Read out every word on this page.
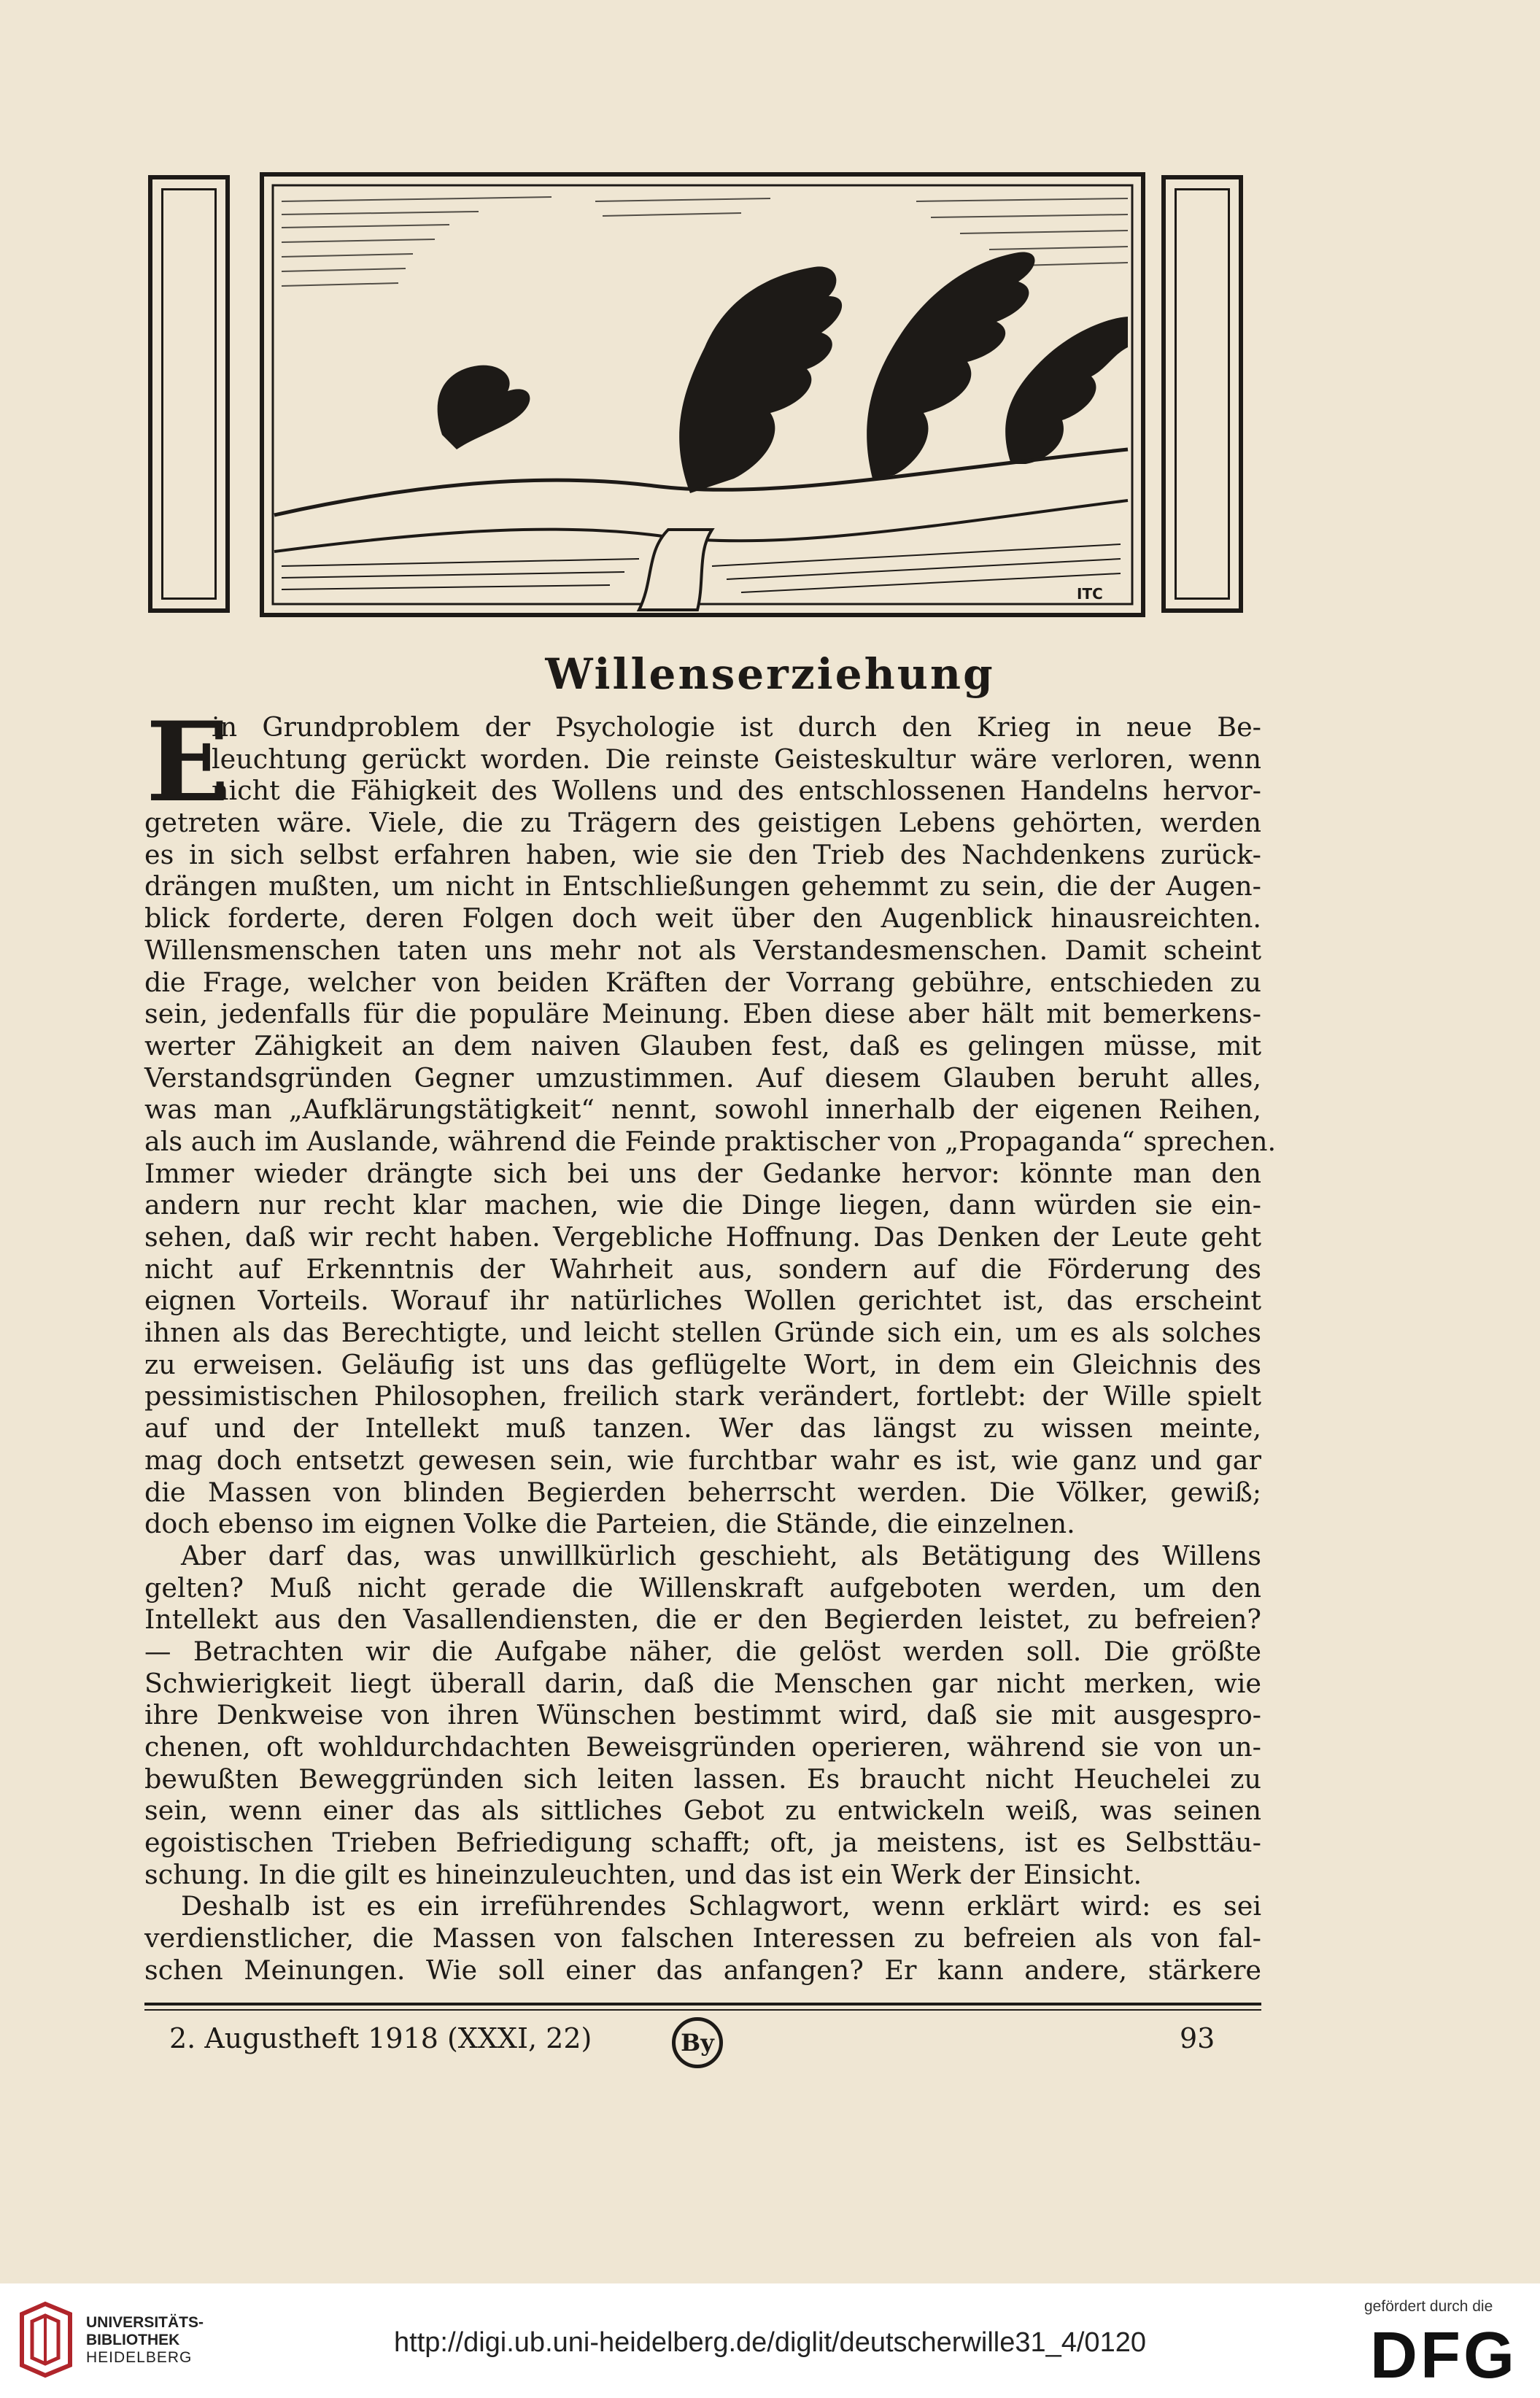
ITC
Willenserziehung
E
in Grundproblem der Psychologie ist durch den Krieg in neue Be-
leuchtung gerückt worden. Die reinste Geisteskultur wäre verloren, wenn
nicht die Fähigkeit des Wollens und des entschlossenen Handelns hervor-
getreten wäre. Viele, die zu Trägern des geistigen Lebens gehörten, werden
es in sich selbst erfahren haben, wie sie den Trieb des Nachdenkens zurück-
drängen mußten, um nicht in Entschließungen gehemmt zu sein, die der Augen-
blick forderte, deren Folgen doch weit über den Augenblick hinausreichten.
Willensmenschen taten uns mehr not als Verstandesmenschen. Damit scheint
die Frage, welcher von beiden Kräften der Vorrang gebühre, entschieden zu
sein, jedenfalls für die populäre Meinung. Eben diese aber hält mit bemerkens-
werter Zähigkeit an dem naiven Glauben fest, daß es gelingen müsse, mit
Verstandsgründen Gegner umzustimmen. Auf diesem Glauben beruht alles,
was man „Aufklärungstätigkeit“ nennt, sowohl innerhalb der eigenen Reihen,
als auch im Auslande, während die Feinde praktischer von „Propaganda“ sprechen.
Immer wieder drängte sich bei uns der Gedanke hervor: könnte man den
andern nur recht klar machen, wie die Dinge liegen, dann würden sie ein-
sehen, daß wir recht haben. Vergebliche Hoffnung. Das Denken der Leute geht
nicht auf Erkenntnis der Wahrheit aus, sondern auf die Förderung des
eignen Vorteils. Worauf ihr natürliches Wollen gerichtet ist, das erscheint
ihnen als das Berechtigte, und leicht stellen Gründe sich ein, um es als solches
zu erweisen. Geläufig ist uns das geflügelte Wort, in dem ein Gleichnis des
pessimistischen Philosophen, freilich stark verändert, fortlebt: der Wille spielt
auf und der Intellekt muß tanzen. Wer das längst zu wissen meinte,
mag doch entsetzt gewesen sein, wie furchtbar wahr es ist, wie ganz und gar
die Massen von blinden Begierden beherrscht werden. Die Völker, gewiß;
doch ebenso im eignen Volke die Parteien, die Stände, die einzelnen.
Aber darf das, was unwillkürlich geschieht, als Betätigung des Willens
gelten? Muß nicht gerade die Willenskraft aufgeboten werden, um den
Intellekt aus den Vasallendiensten, die er den Begierden leistet, zu befreien?
— Betrachten wir die Aufgabe näher, die gelöst werden soll. Die größte
Schwierigkeit liegt überall darin, daß die Menschen gar nicht merken, wie
ihre Denkweise von ihren Wünschen bestimmt wird, daß sie mit ausgespro-
chenen, oft wohldurchdachten Beweisgründen operieren, während sie von un-
bewußten Beweggründen sich leiten lassen. Es braucht nicht Heuchelei zu
sein, wenn einer das als sittliches Gebot zu entwickeln weiß, was seinen
egoistischen Trieben Befriedigung schafft; oft, ja meistens, ist es Selbsttäu-
schung. In die gilt es hineinzuleuchten, und das ist ein Werk der Einsicht.
Deshalb ist es ein irreführendes Schlagwort, wenn erklärt wird: es sei
verdienstlicher, die Massen von falschen Interessen zu befreien als von fal-
schen Meinungen. Wie soll einer das anfangen? Er kann andere, stärkere
2. Augustheft 1918 (XXXI, 22)	By	93
UNIVERSITÄTS-
BIBLIOTHEK
HEIDELBERG	http://digi.ub.uni-heidelberg.de/diglit/deutscherwille31_4/0120
gefördert durch die
DFG
